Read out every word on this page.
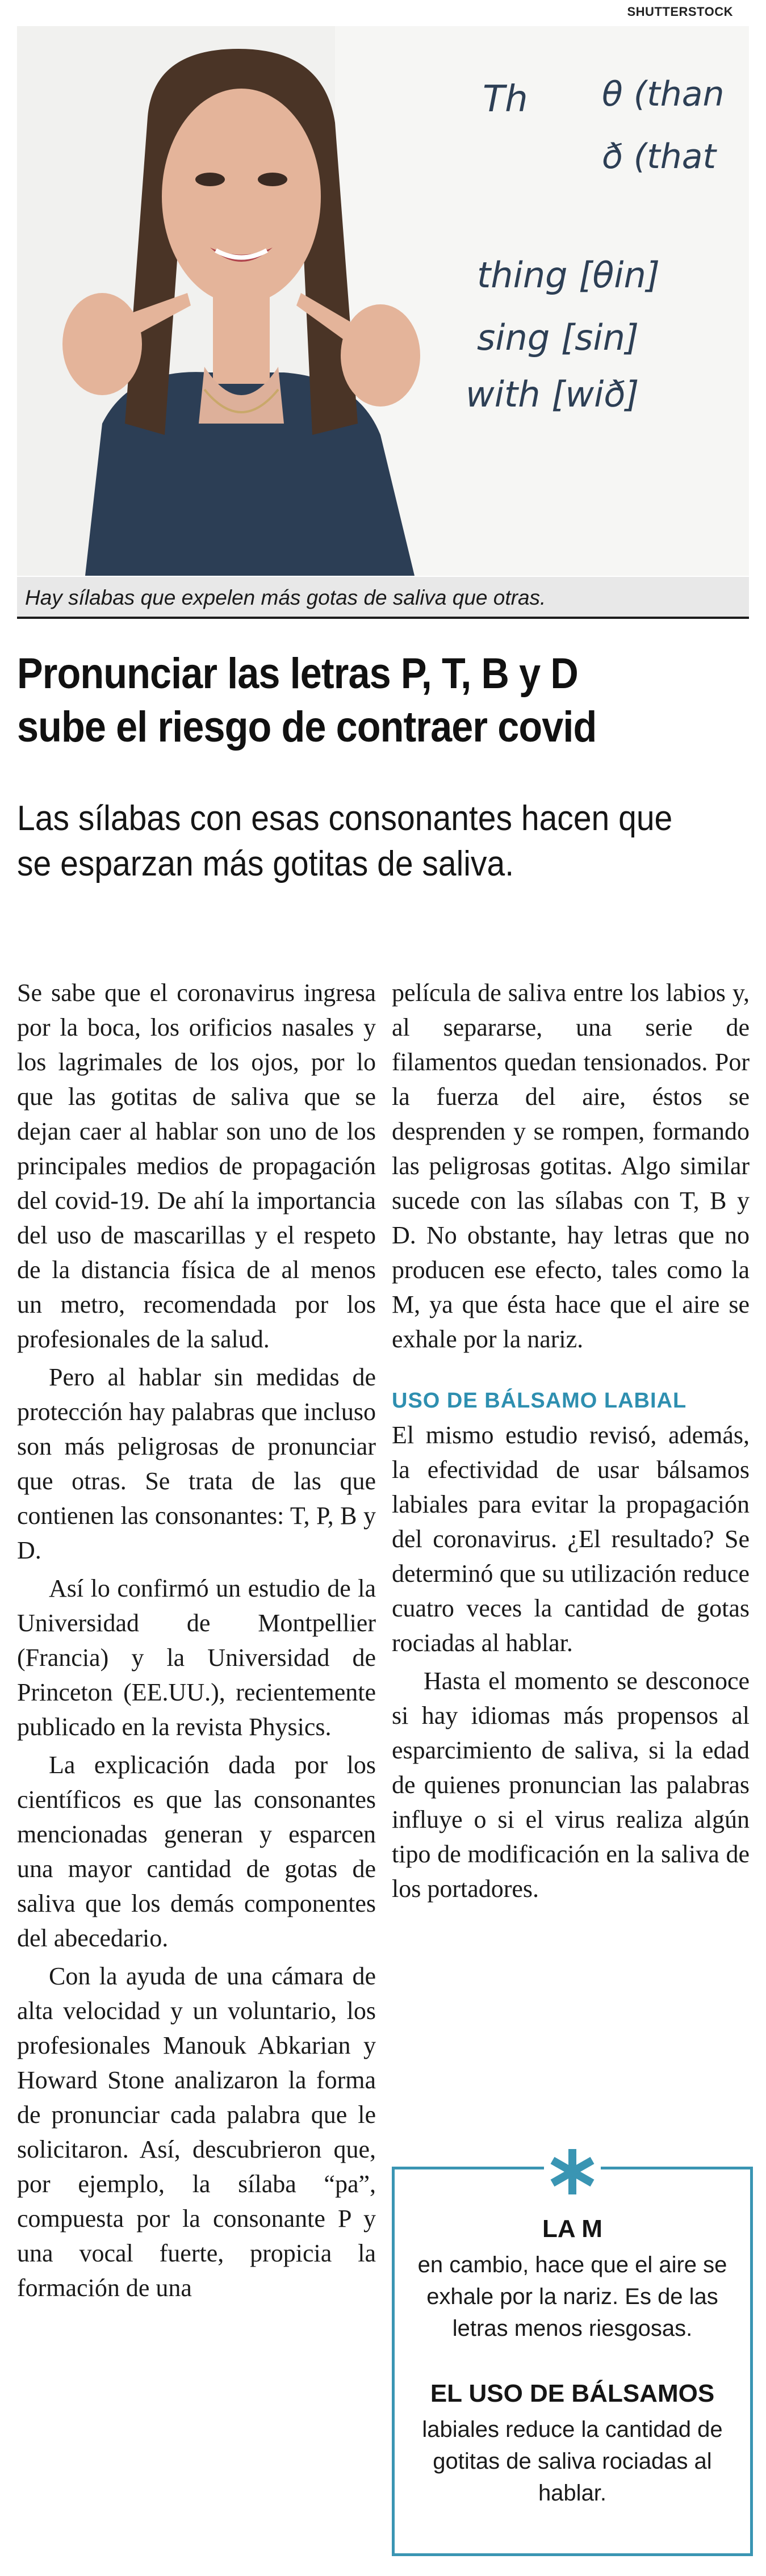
SHUTTERSTOCK
Th θ (than
ð (that
thing [θin]
sing [sin]
with [wið]
Hay sílabas que expelen más gotas de saliva que otras.
Pronunciar las letras P, T, B y D sube el riesgo de contraer covid
Las sílabas con esas consonantes hacen que se esparzan más gotitas de saliva.

Se sabe que el coronavirus ingresa por la boca, los orificios nasales y los lagrimales de los ojos, por lo que las gotitas de saliva que se dejan caer al hablar son uno de los principales medios de propagación del covid-19. De ahí la importancia del uso de mascarillas y el respeto de la distancia física de al menos un metro, recomendada por los profesionales de la salud.

Pero al hablar sin medidas de protección hay palabras que incluso son más peligrosas de pronunciar que otras. Se trata de las que contienen las consonantes: T, P, B y D.

Así lo confirmó un estudio de la Universidad de Montpellier (Francia) y la Universidad de Princeton (EE.UU.), recientemente publicado en la revista Physics.

La explicación dada por los científicos es que las consonantes mencionadas generan y esparcen una mayor cantidad de gotas de saliva que los demás componentes del abecedario.

Con la ayuda de una cámara de alta velocidad y un voluntario, los profesionales Manouk Abkarian y Howard Stone analizaron la forma de pronunciar cada palabra que le solicitaron. Así, descubrieron que, por ejemplo, la sílaba “pa”, compuesta por la consonante P y una vocal fuerte, propicia la formación de una

película de saliva entre los labios y, al separarse, una serie de filamentos quedan tensionados. Por la fuerza del aire, éstos se desprenden y se rompen, formando las peligrosas gotitas. Algo similar sucede con las sílabas con T, B y D. No obstante, hay letras que no producen ese efecto, tales como la M, ya que ésta hace que el aire se exhale por la nariz.

USO DE BÁLSAMO LABIAL

El mismo estudio revisó, además, la efectividad de usar bálsamos labiales para evitar la propagación del coronavirus. ¿El resultado? Se determinó que su utilización reduce cuatro veces la cantidad de gotas rociadas al hablar.

Hasta el momento se desconoce si hay idiomas más propensos al esparcimiento de saliva, si la edad de quienes pronuncian las palabras influye o si el virus realiza algún tipo de modificación en la saliva de los portadores.

LA M
en cambio, hace que el aire se exhale por la nariz. Es de las letras menos riesgosas.
EL USO DE BÁLSAMOS
labiales reduce la cantidad de gotitas de saliva rociadas al hablar.
